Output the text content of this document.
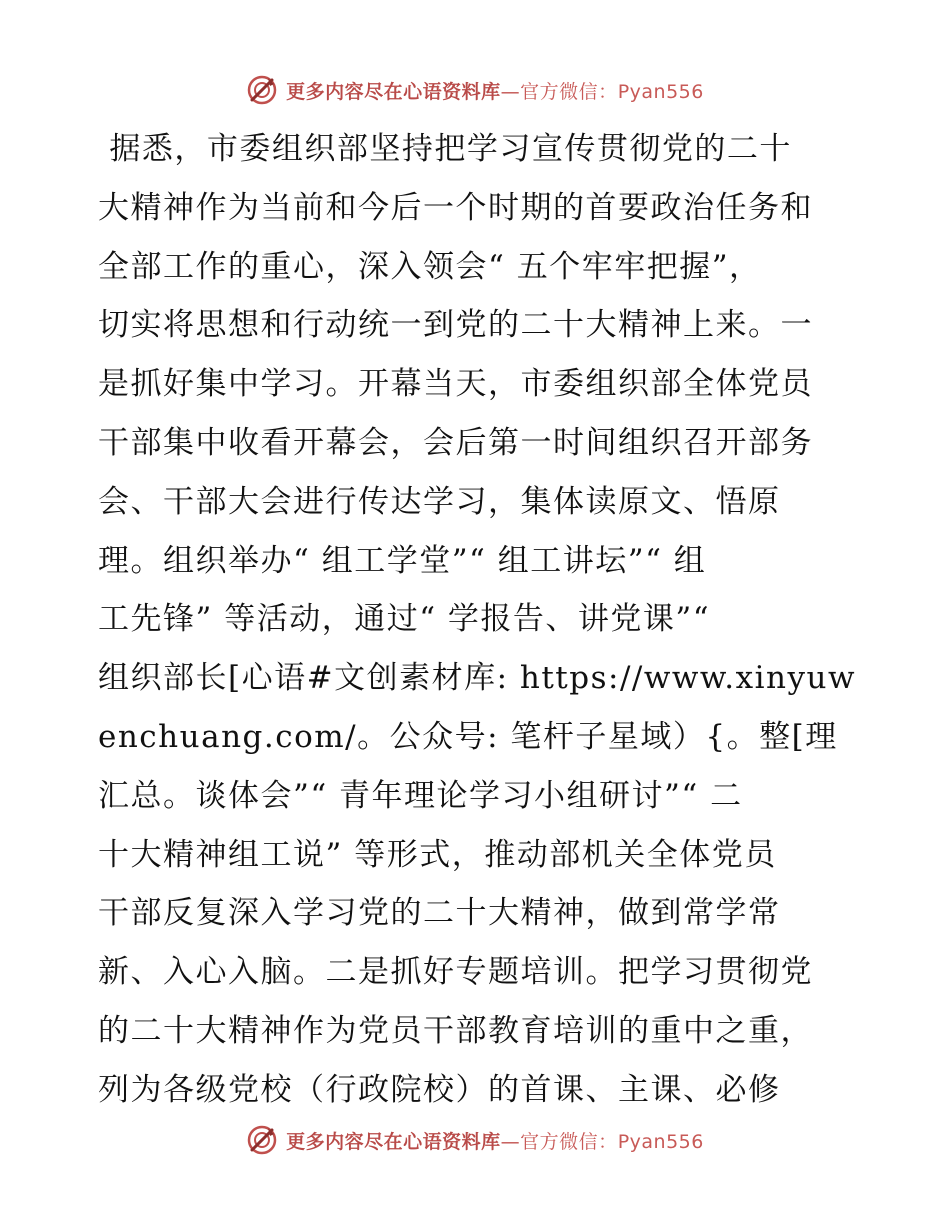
更多内容尽在心语资料库—官方微信：Pyan556
据悉，市委组织部坚持把学习宣传贯彻党的二十
大精神作为当前和今后一个时期的首要政治任务和
全部工作的重心，深入领会“ 五个牢牢把握”，
切实将思想和行动统一到党的二十大精神上来。一
是抓好集中学习。开幕当天，市委组织部全体党员
干部集中收看开幕会，会后第一时间组织召开部务
会、干部大会进行传达学习，集体读原文、悟原
理。组织举办“ 组工学堂”“ 组工讲坛”“ 组
工先锋” 等活动，通过“ 学报告、讲党课”“
组织部长[心语#文创素材库: https://www.xinyuw
enchuang.com/。公众号: 笔杆子星域）{。整[理
汇总。谈体会”“ 青年理论学习小组研讨”“ 二
十大精神组工说” 等形式，推动部机关全体党员
干部反复深入学习党的二十大精神，做到常学常
新、入心入脑。二是抓好专题培训。把学习贯彻党
的二十大精神作为党员干部教育培训的重中之重，
列为各级党校（行政院校）的首课、主课、必修
更多内容尽在心语资料库—官方微信：Pyan556
